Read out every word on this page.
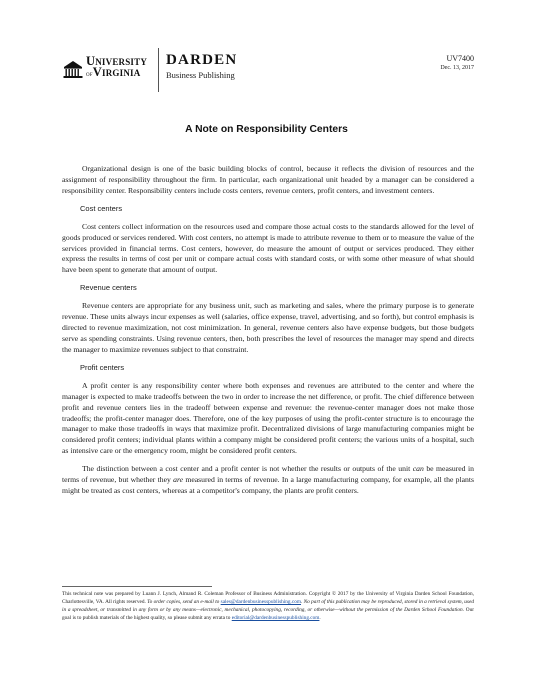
University
ofVirginia
DARDEN
Business Publishing
UV7400
Dec. 13, 2017
A Note on Responsibility Centers

Organizational design is one of the basic building blocks of control, because it reflects the division of resources and the assignment of responsibility throughout the firm. In particular, each organizational unit headed by a manager can be considered a responsibility center. Responsibility centers include costs centers, revenue centers, profit centers, and investment centers.

Cost centers

Cost centers collect information on the resources used and compare those actual costs to the standards allowed for the level of goods produced or services rendered. With cost centers, no attempt is made to attribute revenue to them or to measure the value of the services provided in financial terms. Cost centers, however, do measure the amount of output or services produced. They either express the results in terms of cost per unit or compare actual costs with standard costs, or with some other measure of what should have been spent to generate that amount of output.

Revenue centers

Revenue centers are appropriate for any business unit, such as marketing and sales, where the primary purpose is to generate revenue. These units always incur expenses as well (salaries, office expense, travel, advertising, and so forth), but control emphasis is directed to revenue maximization, not cost minimization. In general, revenue centers also have expense budgets, but those budgets serve as spending constraints. Using revenue centers, then, both prescribes the level of resources the manager may spend and directs the manager to maximize revenues subject to that constraint.

Profit centers

A profit center is any responsibility center where both expenses and revenues are attributed to the center and where the manager is expected to make tradeoffs between the two in order to increase the net difference, or profit. The chief difference between profit and revenue centers lies in the tradeoff between expense and revenue: the revenue-center manager does not make those tradeoffs; the profit-center manager does. Therefore, one of the key purposes of using the profit-center structure is to encourage the manager to make those tradeoffs in ways that maximize profit. Decentralized divisions of large manufacturing companies might be considered profit centers; individual plants within a company might be considered profit centers; the various units of a hospital, such as intensive care or the emergency room, might be considered profit centers.

The distinction between a cost center and a profit center is not whether the results or outputs of the unit can be measured in terms of revenue, but whether they are measured in terms of revenue. In a large manufacturing company, for example, all the plants might be treated as cost centers, whereas at a competitor's company, the plants are profit centers.

This technical note was prepared by Luann J. Lynch, Almand R. Coleman Professor of Business Administration. Copyright © 2017 by the University of Virginia Darden School Foundation, Charlottesville, VA. All rights reserved. To order copies, send an e-mail to sales@dardenbusinesspublishing.com. No part of this publication may be reproduced, stored in a retrieval system, used in a spreadsheet, or transmitted in any form or by any means—electronic, mechanical, photocopying, recording, or otherwise—without the permission of the Darden School Foundation. Our goal is to publish materials of the highest quality, so please submit any errata to editorial@dardenbusinesspublishing.com.
